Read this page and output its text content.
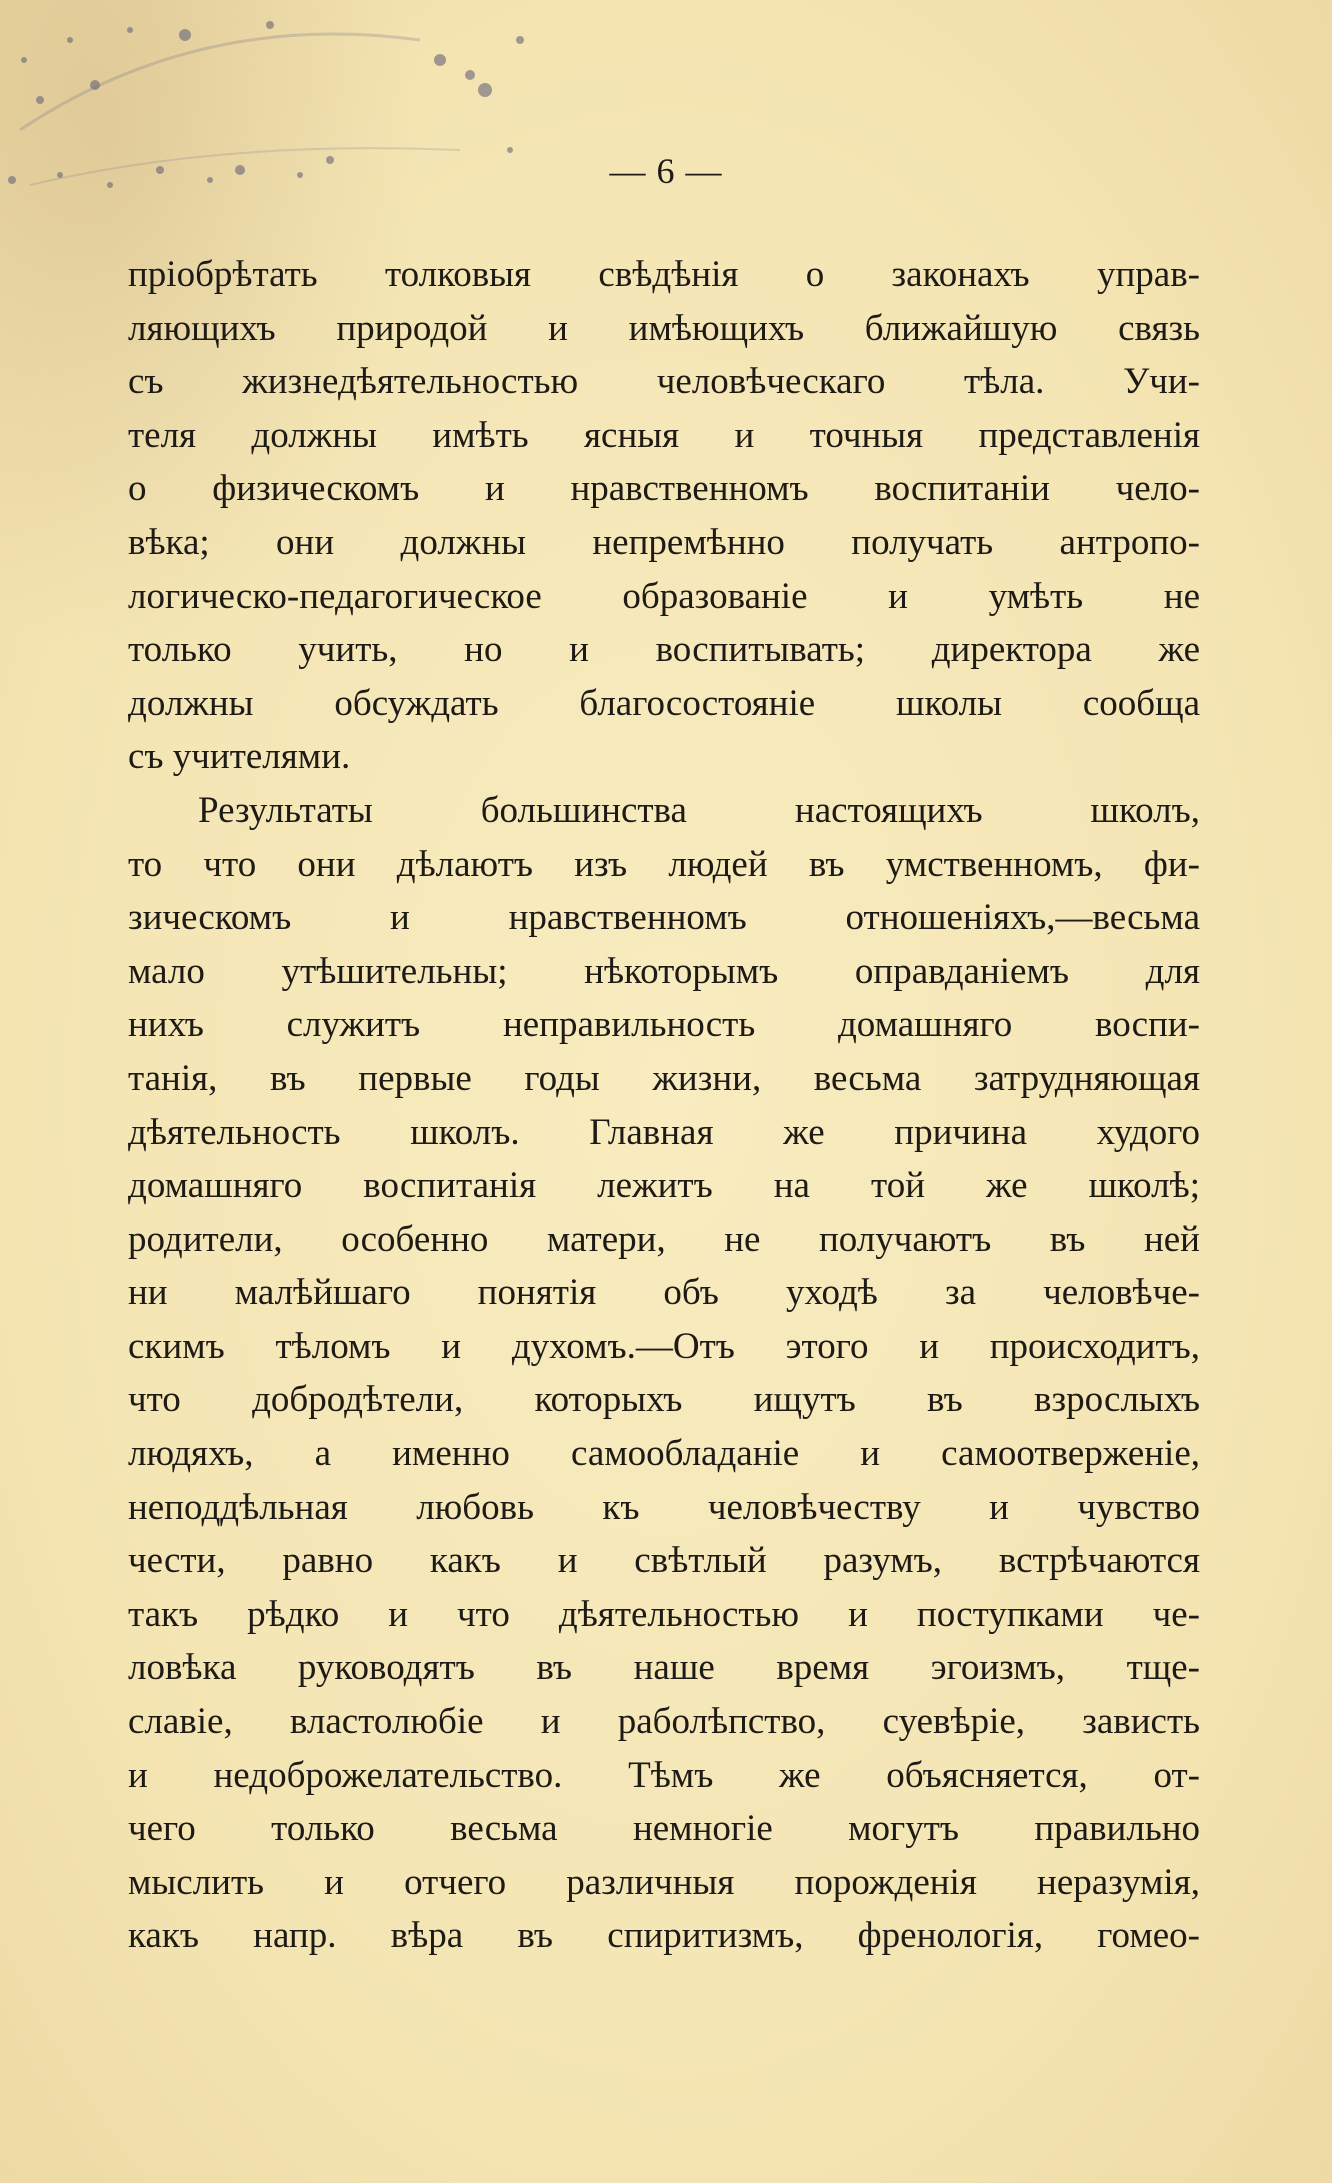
— 6 —

пріобрѣтать толковыя свѣдѣнія о законахъ управ-
ляющихъ природой и имѣющихъ ближайшую связь
съ жизнедѣятельностью человѣческаго тѣла. Учи-
теля должны имѣть ясныя и точныя представленія
о физическомъ и нравственномъ воспитаніи чело-
вѣка; они должны непремѣнно получать антропо-
логическо-педагогическое образованіе и умѣть не
только учить, но и воспитывать; директора же
должны обсуждать благосостояніе школы сообща
съ учителями.

Результаты большинства настоящихъ школъ,
то что они дѣлаютъ изъ людей въ умственномъ, фи-
зическомъ и нравственномъ отношеніяхъ,—весьма
мало утѣшительны; нѣкоторымъ оправданіемъ для
нихъ служитъ неправильность домашняго воспи-
танія, въ первые годы жизни, весьма затрудняющая
дѣятельность школъ. Главная же причина худого
домашняго воспитанія лежитъ на той же школѣ;
родители, особенно матери, не получаютъ въ ней
ни малѣйшаго понятія объ уходѣ за человѣче-
скимъ тѣломъ и духомъ.—Отъ этого и происходитъ,
что добродѣтели, которыхъ ищутъ въ взрослыхъ
людяхъ, а именно самообладаніе и самоотверженіе,
неподдѣльная любовь къ человѣчеству и чувство
чести, равно какъ и свѣтлый разумъ, встрѣчаются
такъ рѣдко и что дѣятельностью и поступками че-
ловѣка руководятъ въ наше время эгоизмъ, тще-
славіе, властолюбіе и раболѣпство, суевѣріе, зависть
и недоброжелательство. Тѣмъ же объясняется, от-
чего только весьма немногіе могутъ правильно
мыслить и отчего различныя порожденія неразумія,
какъ напр. вѣра въ спиритизмъ, френологія, гомео-
